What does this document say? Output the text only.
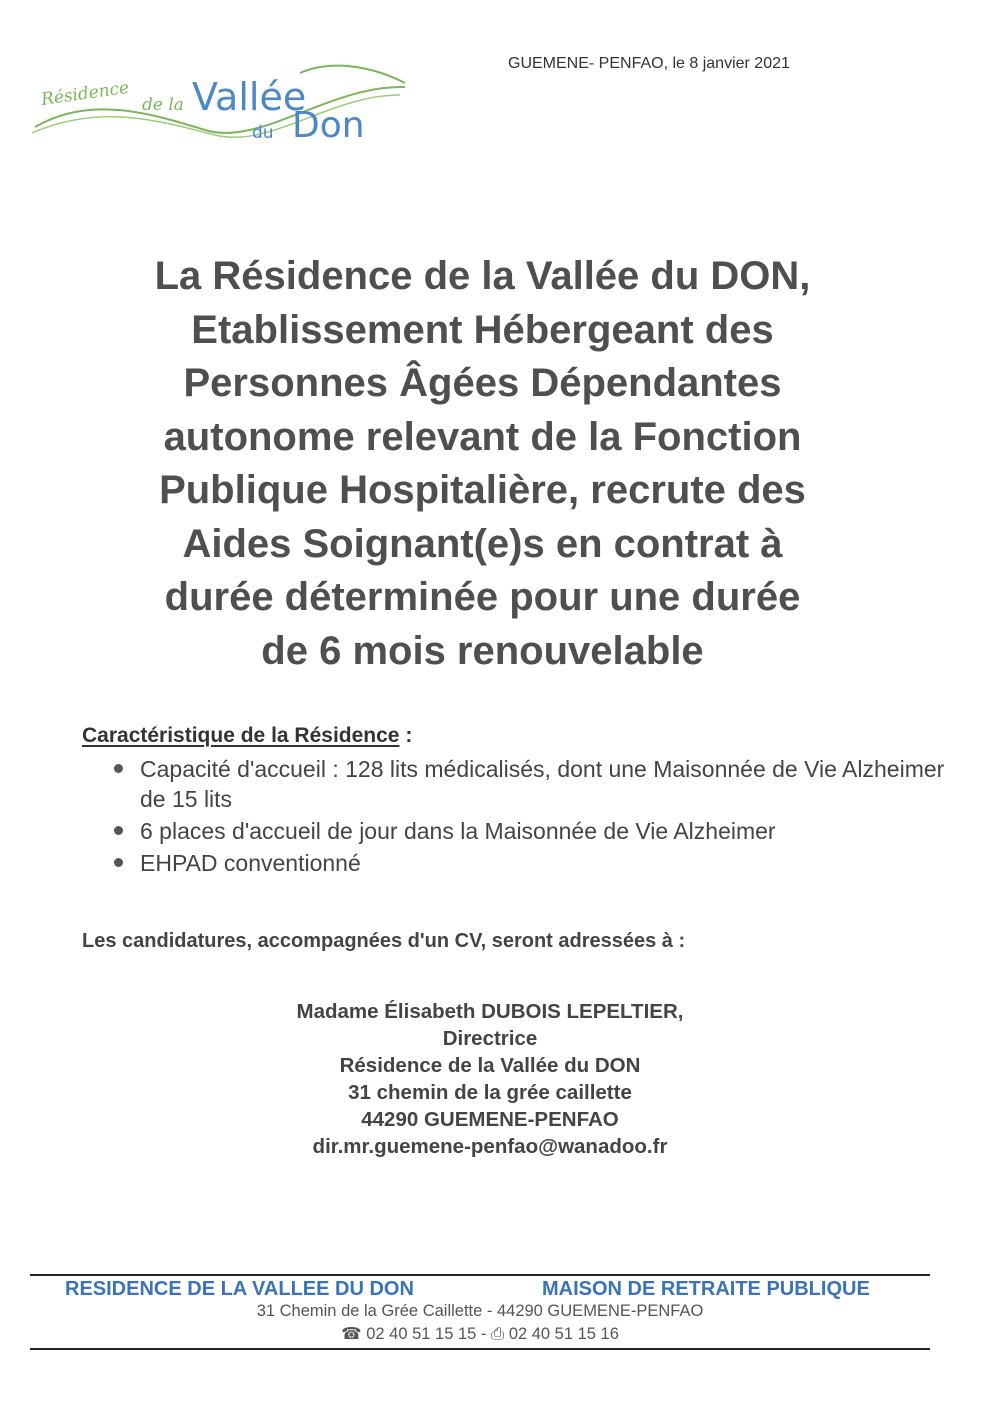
Résidence de la Vallée
du Don
GUEMENE- PENFAO, le 8 janvier 2021
La Résidence de la Vallée du DON,
Etablissement Hébergeant des
Personnes Âgées Dépendantes
autonome relevant de la Fonction
Publique Hospitalière, recrute des
Aides Soignant(e)s en contrat à
durée déterminée pour une durée
de 6 mois renouvelable
Caractéristique de la Résidence :
Capacité d'accueil : 128 lits médicalisés, dont une Maisonnée de Vie Alzheimer de 15 lits
6 places d'accueil de jour dans la Maisonnée de Vie Alzheimer
EHPAD conventionné
Les candidatures, accompagnées d'un CV, seront adressées à :
Madame Élisabeth DUBOIS LEPELTIER,
Directrice
Résidence de la Vallée du DON
31 chemin de la grée caillette
44290 GUEMENE-PENFAO
dir.mr.guemene-penfao@wanadoo.fr
RESIDENCE DE LA VALLEE DU DON	MAISON DE RETRAITE PUBLIQUE
31 Chemin de la Grée Caillette - 44290 GUEMENE-PENFAO
☎ 02 40 51 15 15 - ⎙ 02 40 51 15 16
